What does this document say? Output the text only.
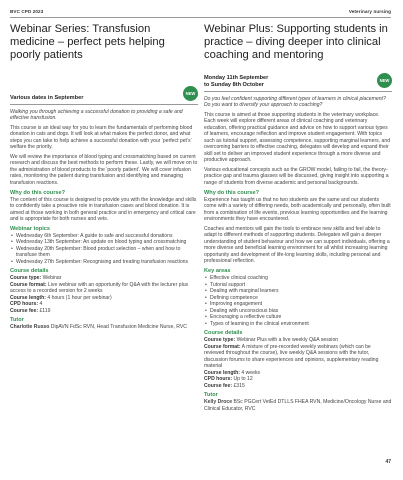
BVC CPD 2023	Veterinary nursing
Webinar Series: Transfusion medicine – perfect pets helping poorly patients
Various dates in September
NEW

Walking you through achieving a successful donation to providing a safe and effective transfusion.

This course is an ideal way for you to learn the fundamentals of performing blood donation in cats and dogs. It will look at what makes the perfect donor, and what steps you can take to help achieve a successful donation with your ‘perfect pet’s’ welfare the priority.

We will review the importance of blood typing and crossmatching based on current research and discuss the best methods to perform these. Lastly, we will move on to the administration of blood products to the ‘poorly patient’. We will cover infusion rates, monitoring the patient during transfusion and identifying and managing transfusion reactions.

Why do this course?

The content of this course is designed to provide you with the knowledge and skills to confidently take a proactive role in transfusion cases and blood donation. It is aimed at those working in both general practice and in emergency and critical care and is appropriate for both nurses and vets.

Webinar topics

• Wednesday 6th September: A guide to safe and successful donations
• Wednesday 13th September: An update on blood typing and crossmatching
• Wednesday 20th September: Blood product selection – when and how to transfuse them
• Wednesday 27th September: Recognising and treating transfusion reactions

Course details

Course type: Webinar
Course format: Live webinar with an opportunity for Q&A with the lecturer plus access to a recorded version for 2 weeks
Course length: 4 hours (1 hour per webinar)
CPD hours: 4
Course fee: £119

Tutor

Charlotte Russo DipAVN FdSc RVN, Head Transfusion Medicine Nurse, RVC

Webinar Plus: Supporting students in practice – diving deeper into clinical coaching and mentoring
Monday 11th September
to Sunday 8th October
NEW

Do you feel confident supporting different types of learners in clinical placement? Do you want to diversify your approach to coaching?

This course is aimed at those supporting students in the veterinary workplace. Each week will explore different areas of clinical coaching and veterinary education, offering practical guidance and advice on how to support various types of learners, encourage reflection and improve student engagement. With topics such as tutorial support, assessing competence, supporting marginal learners, and overcoming barriers to effective coaching, delegates will develop and expand their skill set to deliver an improved student experience through a more diverse and productive approach.

Various educational concepts such as the GROW model, failing to fail, the theory-practice gap and trauma glasses will be discussed, giving insight into supporting a range of students from diverse academic and personal backgrounds.

Why do this course?

Experience has taught us that no two students are the same and our students come with a variety of differing needs, both academically and personally, often built from a combination of life events, previous learning opportunities and the learning environments they have encountered.

Coaches and mentors will gain the tools to embrace new skills and feel able to adapt to different methods of supporting students. Delegates will gain a deeper understanding of student behaviour and how we can support individuals, offering a more diverse and beneficial learning environment for all whilst increasing learning opportunity and development of life-long learning skills, including personal and professional reflection.

Key areas

• Effective clinical coaching
• Tutorial support
• Dealing with marginal learners
• Defining competence
• Improving engagement
• Dealing with unconscious bias
• Encouraging a reflective culture
• Types of learning in the clinical environment

Course details

Course type: Webinar Plus with a live weekly Q&A session
Course format: A mixture of pre-recorded weekly webinars (which can be reviewed throughout the course), live weekly Q&A sessions with the tutor, discussion forums to share experiences and opinions, supplementary reading material
Course length: 4 weeks
CPD hours: Up to 12
Course fee: £315

Tutor

Kelly Droce BSc PGCert VetEd DTLLS FHEA RVN, Medicine/Oncology Nurse and Clinical Educator, RVC

47
